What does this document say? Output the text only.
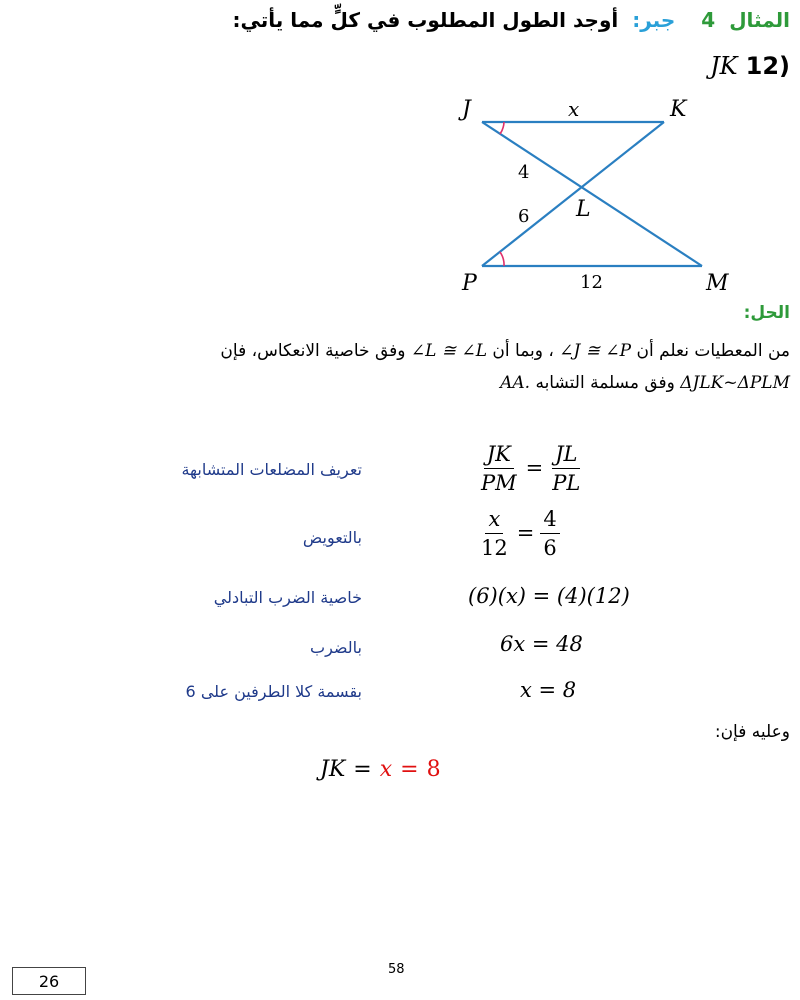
المثال4جبر:أوجد الطول المطلوب في كلٍّ مما يأتي:
JK 12)
J	K
L
P	M
x
4
6
12
الحل:
من المعطيات نعلم أن ∠J ≅ ∠P ، وبما أن ∠L ≅ ∠L وفق خاصية الانعكاس، فإن
AA. وفق مسلمة التشابه ΔJLK~ΔPLM
تعريف المضلعات المتشابهة	$\frac{JK}{PM} = \frac{JL}{PL}$
بالتعويض	$\frac{x}{12} = \frac{4}{6}$
خاصية الضرب التبادلي	(6)(x) = (4)(12)
بالضرب	6x = 48
بقسمة كلا الطرفين على 6	x = 8
وعليه فإن:
JK = x = 8
58
26
